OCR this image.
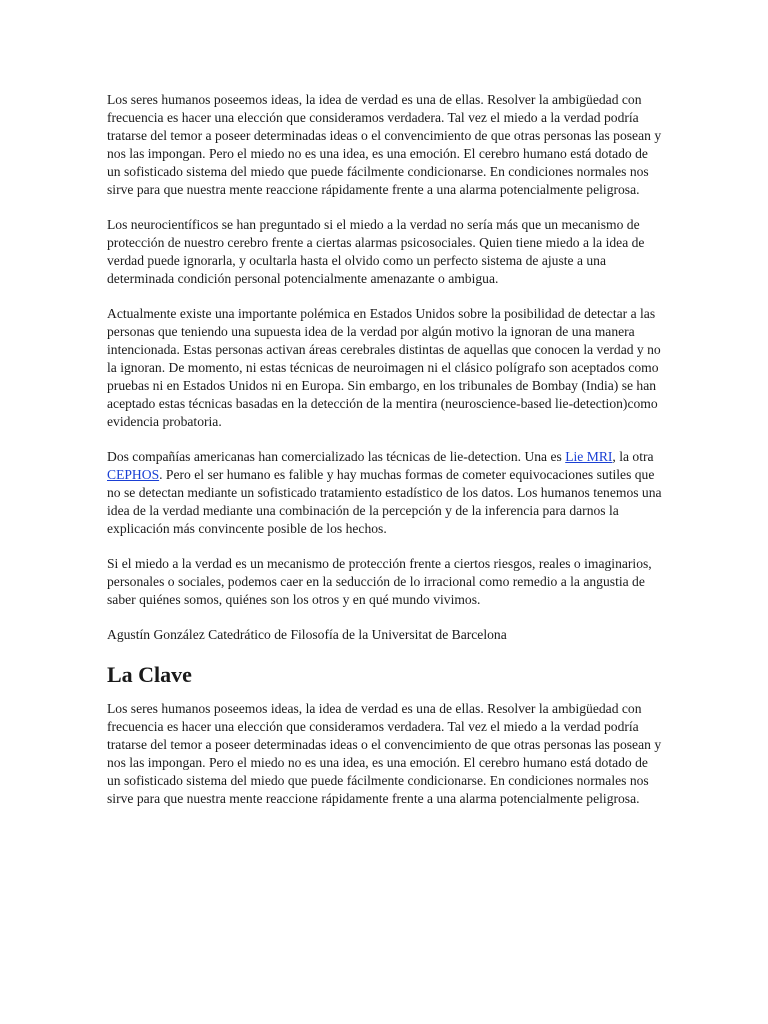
Los seres humanos poseemos ideas, la idea de verdad es una de ellas. Resolver la ambigüedad con frecuencia es hacer una elección que consideramos verdadera. Tal vez el miedo a la verdad podría tratarse del temor a poseer determinadas ideas o el convencimiento de que otras personas las posean y nos las impongan. Pero el miedo no es una idea, es una emoción. El cerebro humano está dotado de un sofisticado sistema del miedo que puede fácilmente condicionarse. En condiciones normales nos sirve para que nuestra mente reaccione rápidamente frente a una alarma potencialmente peligrosa.

Los neurocientíficos se han preguntado si el miedo a la verdad no sería más que un mecanismo de protección de nuestro cerebro frente a ciertas alarmas psicosociales. Quien tiene miedo a la idea de verdad puede ignorarla, y ocultarla hasta el olvido como un perfecto sistema de ajuste a una determinada condición personal potencialmente amenazante o ambigua.

Actualmente existe una importante polémica en Estados Unidos sobre la posibilidad de detectar a las personas que teniendo una supuesta idea de la verdad por algún motivo la ignoran de una manera intencionada. Estas personas activan áreas cerebrales distintas de aquellas que conocen la verdad y no la ignoran. De momento, ni estas técnicas de neuroimagen ni el clásico polígrafo son aceptados como pruebas ni en Estados Unidos ni en Europa. Sin embargo, en los tribunales de Bombay (India) se han aceptado estas técnicas basadas en la detección de la mentira (neuroscience-based lie-detection)como evidencia probatoria.

Dos compañías americanas han comercializado las técnicas de lie-detection. Una es Lie MRI, la otra CEPHOS. Pero el ser humano es falible y hay muchas formas de cometer equivocaciones sutiles que no se detectan mediante un sofisticado tratamiento estadístico de los datos. Los humanos tenemos una idea de la verdad mediante una combinación de la percepción y de la inferencia para darnos la explicación más convincente posible de los hechos.

Si el miedo a la verdad es un mecanismo de protección frente a ciertos riesgos, reales o imaginarios, personales o sociales, podemos caer en la seducción de lo irracional como remedio a la angustia de saber quiénes somos, quiénes son los otros y en qué mundo vivimos.

Agustín González Catedrático de Filosofía de la Universitat de Barcelona

La Clave

Los seres humanos poseemos ideas, la idea de verdad es una de ellas. Resolver la ambigüedad con frecuencia es hacer una elección que consideramos verdadera. Tal vez el miedo a la verdad podría tratarse del temor a poseer determinadas ideas o el convencimiento de que otras personas las posean y nos las impongan. Pero el miedo no es una idea, es una emoción. El cerebro humano está dotado de un sofisticado sistema del miedo que puede fácilmente condicionarse. En condiciones normales nos sirve para que nuestra mente reaccione rápidamente frente a una alarma potencialmente peligrosa.
